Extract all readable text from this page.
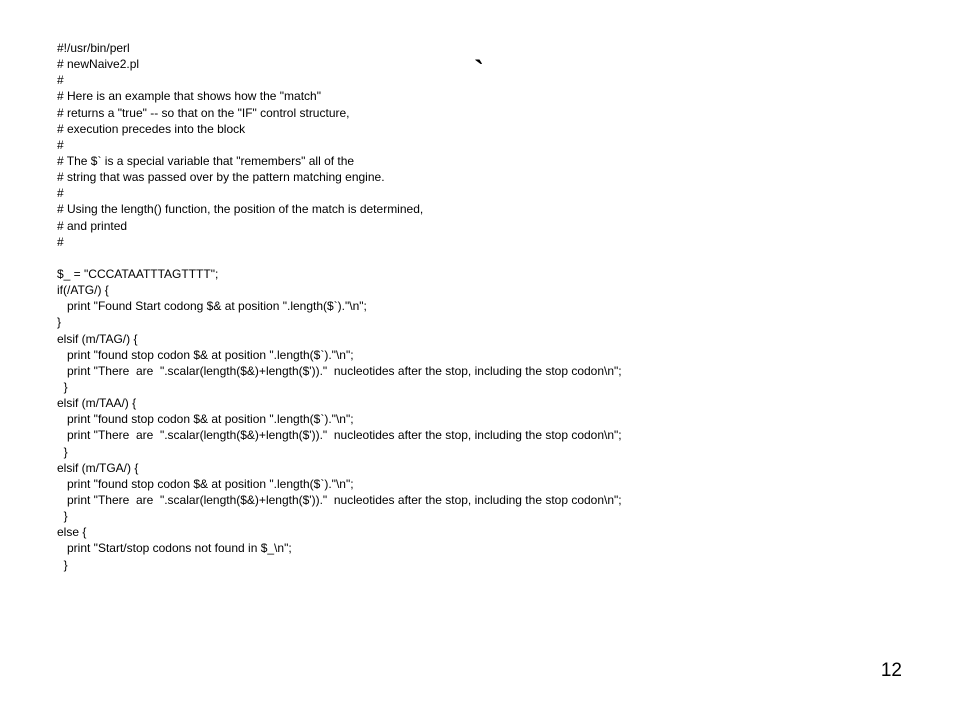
`
#!/usr/bin/perl
# newNaive2.pl
#
# Here is an example that shows how the "match"
# returns a "true" -- so that on the "IF" control structure,
# execution precedes into the block
#
# The $` is a special variable that "remembers" all of the
# string that was passed over by the pattern matching engine.
#
# Using the length() function, the position of the match is determined,
# and printed
#
$_ = "CCCATAATTTAGTTTT";
if(/ATG/) {
print "Found Start codong $& at position ".length($`)."\n";
}
elsif (m/TAG/) {
print "found stop codon $& at position ".length($`)."\n";
print "There  are  ".scalar(length($&)+length($'))."  nucleotides after the stop, including the stop codon\n";
}
elsif (m/TAA/) {
print "found stop codon $& at position ".length($`)."\n";
print "There  are  ".scalar(length($&)+length($'))."  nucleotides after the stop, including the stop codon\n";
}
elsif (m/TGA/) {
print "found stop codon $& at position ".length($`)."\n";
print "There  are  ".scalar(length($&)+length($'))."  nucleotides after the stop, including the stop codon\n";
}
else {
print "Start/stop codons not found in $_\n";
}
12
